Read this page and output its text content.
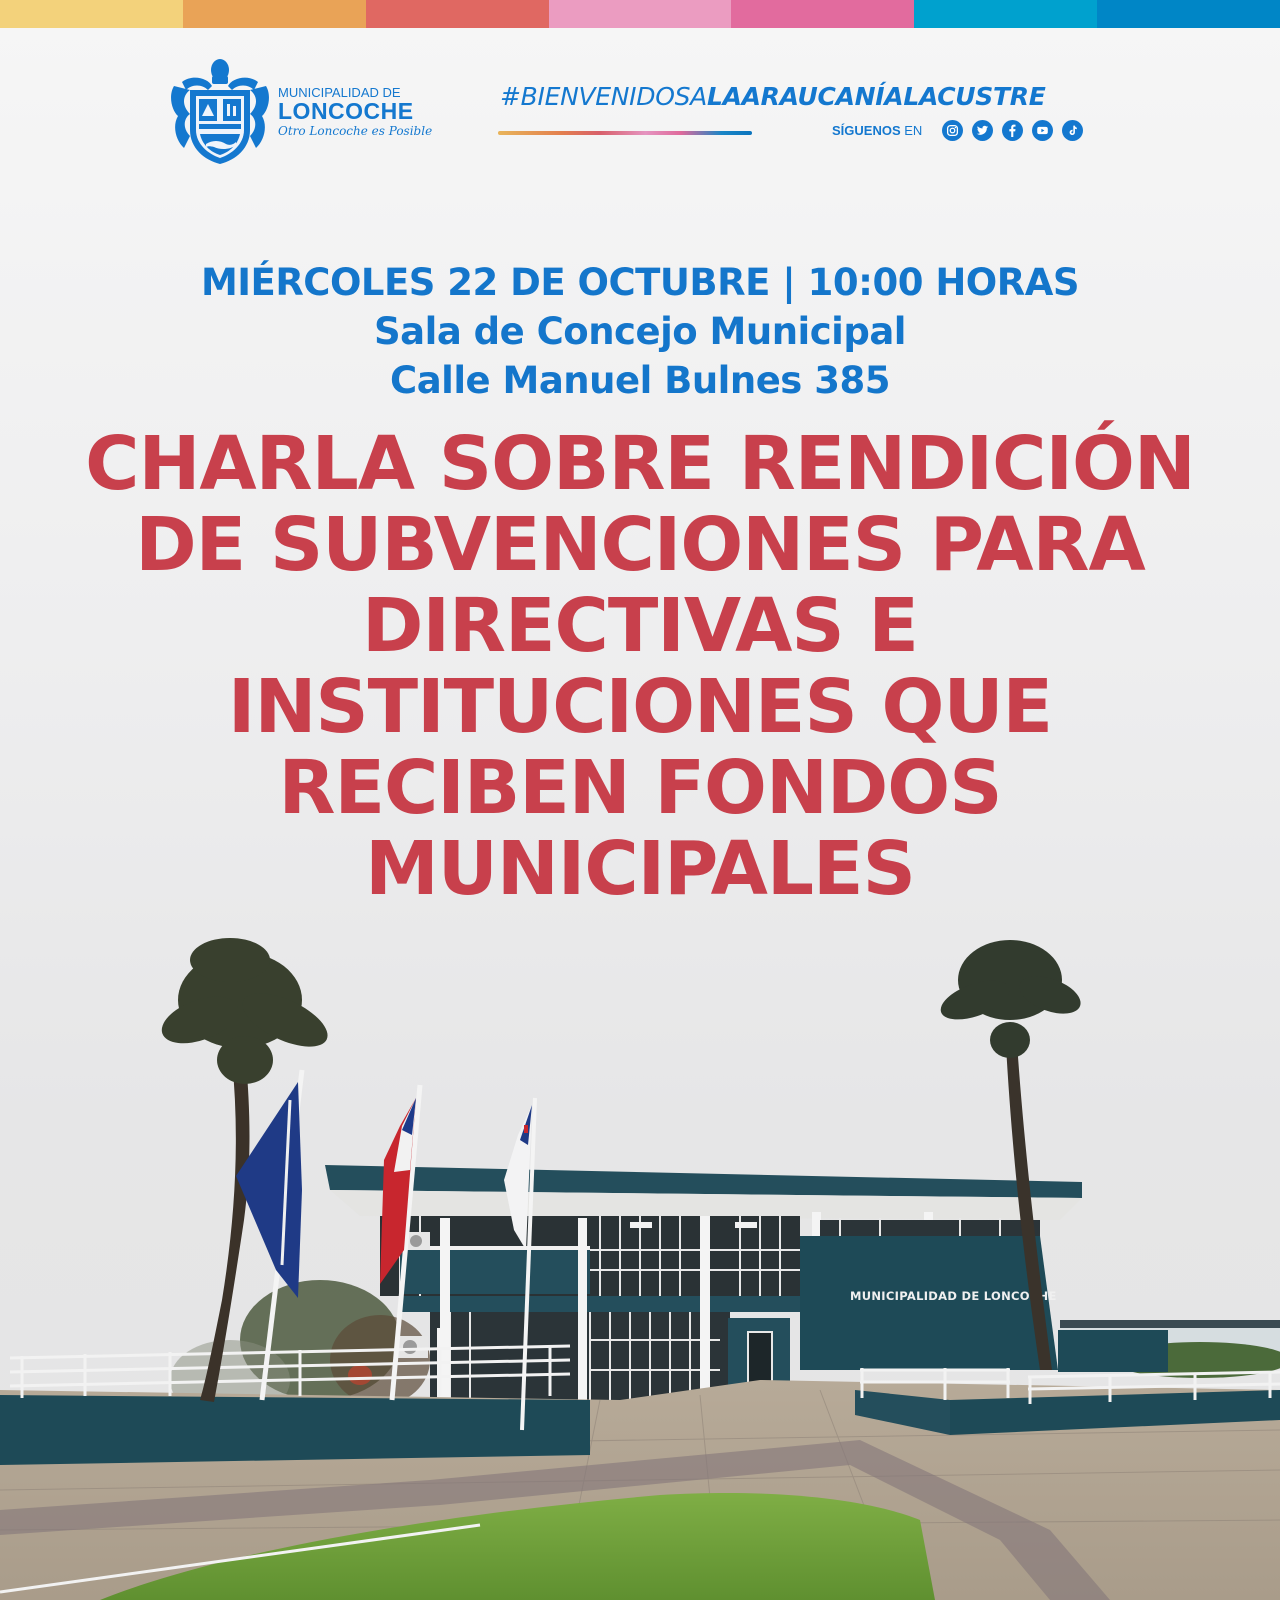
MUNICIPALIDAD DE
LONCOCHE
Otro Loncoche es Posible
#BIENVENIDOSALAARAUCANÍALACUSTRE
SÍGUENOS EN
MIÉRCOLES 22 DE OCTUBRE | 10:00 HORAS
Sala de Concejo Municipal
Calle Manuel Bulnes 385
CHARLA SOBRE RENDICIÓN
DE SUBVENCIONES PARA
DIRECTIVAS E
INSTITUCIONES QUE
RECIBEN FONDOS
MUNICIPALES
MUNICIPALIDAD DE LONCOCHE
